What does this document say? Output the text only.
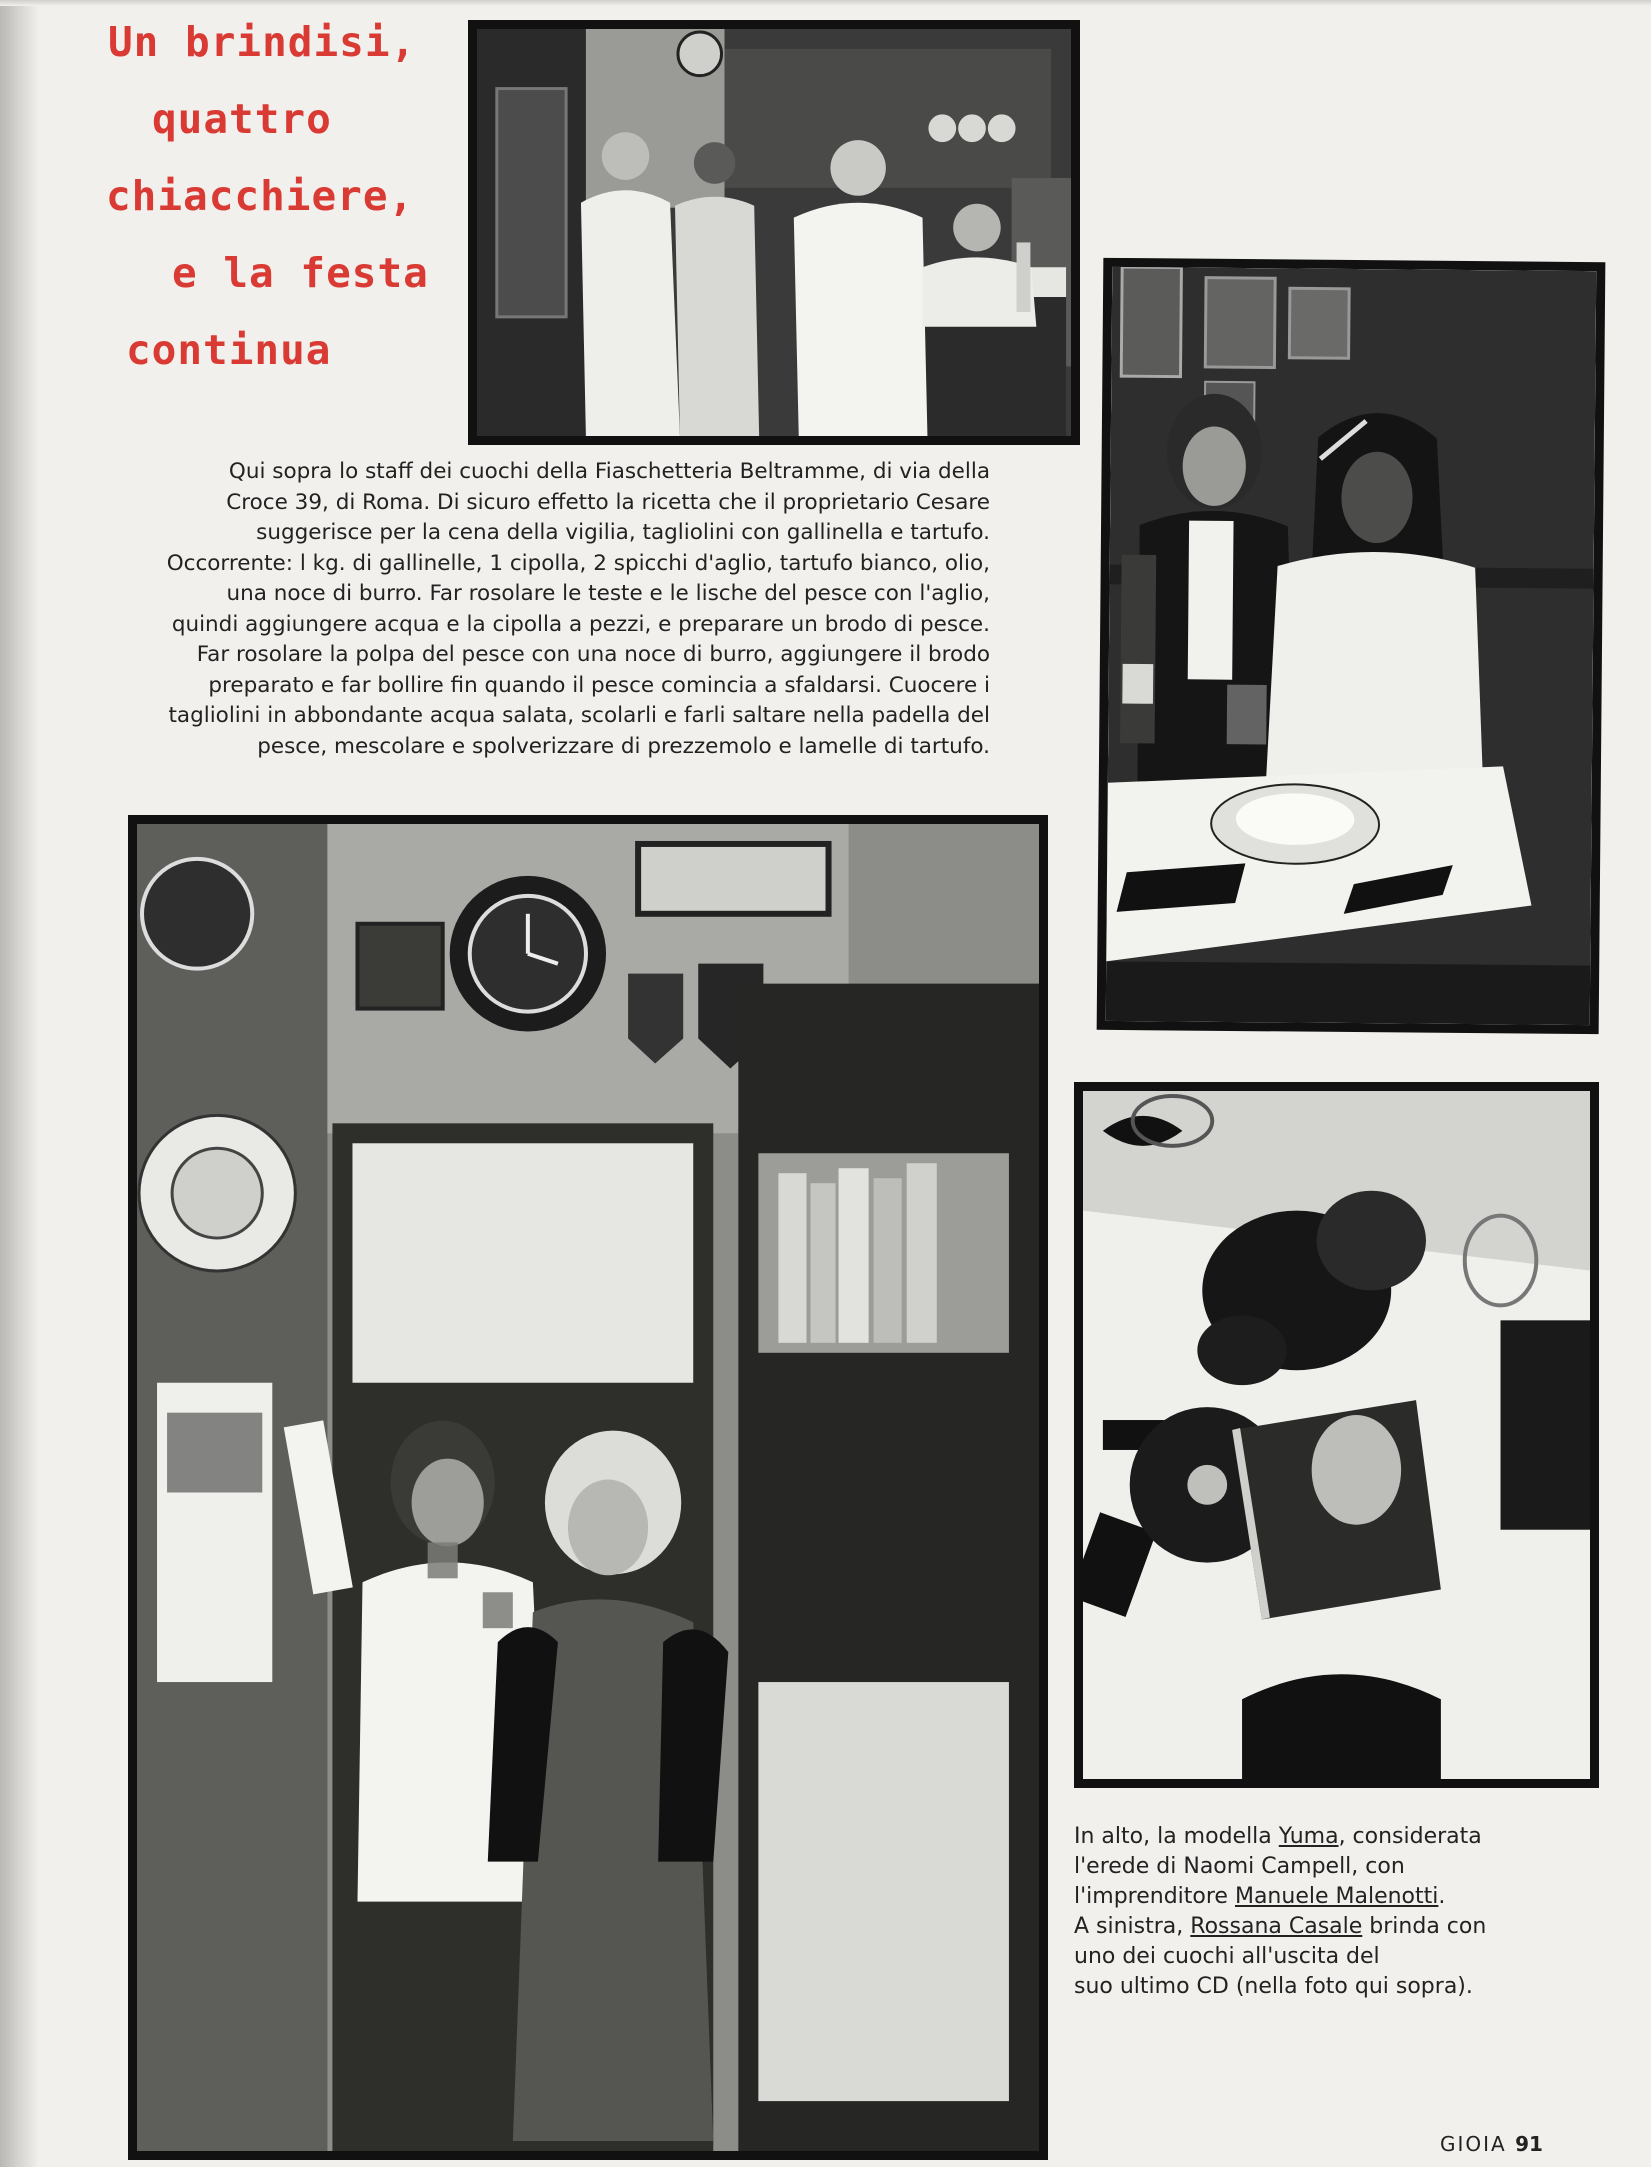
Un brindisi,
quattro
chiacchiere,
e la festa
continua
Qui sopra lo staff dei cuochi della Fiaschetteria Beltramme, di via della
Croce 39, di Roma. Di sicuro effetto la ricetta che il proprietario Cesare
suggerisce per la cena della vigilia, tagliolini con gallinella e tartufo.
Occorrente: l kg. di gallinelle, 1 cipolla, 2 spicchi d'aglio, tartufo bianco, olio,
una noce di burro. Far rosolare le teste e le lische del pesce con l'aglio,
quindi aggiungere acqua e la cipolla a pezzi, e preparare un brodo di pesce.
Far rosolare la polpa del pesce con una noce di burro, aggiungere il brodo
preparato e far bollire fin quando il pesce comincia a sfaldarsi. Cuocere i
tagliolini in abbondante acqua salata, scolarli e farli saltare nella padella del
pesce, mescolare e spolverizzare di prezzemolo e lamelle di tartufo.
In alto, la modella Yuma, considerata
l'erede di Naomi Campell, con
l'imprenditore Manuele Malenotti.
A sinistra, Rossana Casale brinda con
uno dei cuochi all'uscita del
suo ultimo CD (nella foto qui sopra).
GIOIA 91
